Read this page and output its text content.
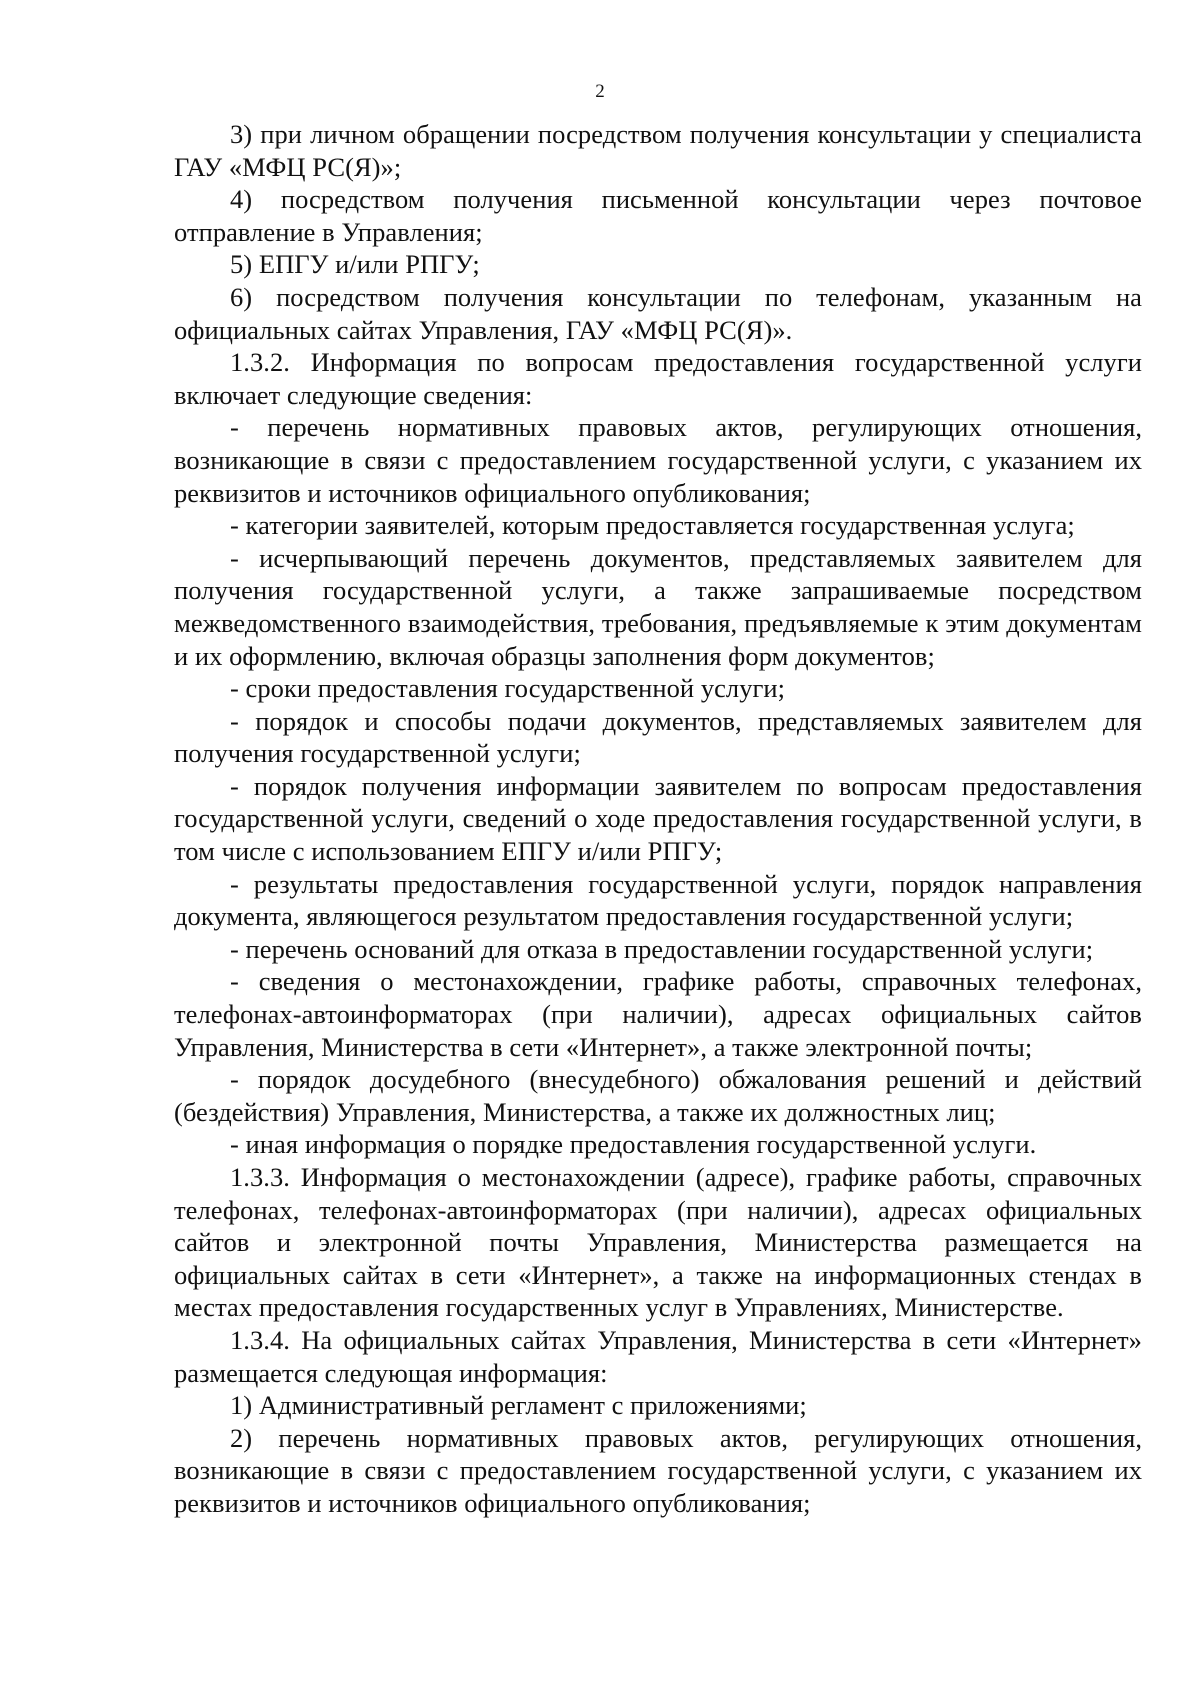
2

3) при личном обращении посредством получения консультации у специалиста ГАУ «МФЦ РС(Я)»;

4) посредством получения письменной консультации через почтовое отправление в Управления;

5) ЕПГУ и/или РПГУ;

6) посредством получения консультации по телефонам, указанным на официальных сайтах Управления, ГАУ «МФЦ РС(Я)».

1.3.2. Информация по вопросам предоставления государственной услуги включает следующие сведения:

- перечень нормативных правовых актов, регулирующих отношения, возникающие в связи с предоставлением государственной услуги, с указанием их реквизитов и источников официального опубликования;

- категории заявителей, которым предоставляется государственная услуга;

- исчерпывающий перечень документов, представляемых заявителем для получения государственной услуги, а также запрашиваемые посредством межведомственного взаимодействия, требования, предъявляемые к этим документам и их оформлению, включая образцы заполнения форм документов;

- сроки предоставления государственной услуги;

- порядок и способы подачи документов, представляемых заявителем для получения государственной услуги;

- порядок получения информации заявителем по вопросам предоставления государственной услуги, сведений о ходе предоставления государственной услуги, в том числе с использованием ЕПГУ и/или РПГУ;

- результаты предоставления государственной услуги, порядок направления документа, являющегося результатом предоставления государственной услуги;

- перечень оснований для отказа в предоставлении государственной услуги;

- сведения о местонахождении, графике работы, справочных телефонах, телефонах-автоинформаторах (при наличии), адресах официальных сайтов Управления, Министерства в сети «Интернет», а также электронной почты;

- порядок досудебного (внесудебного) обжалования решений и действий (бездействия) Управления, Министерства, а также их должностных лиц;

- иная информация о порядке предоставления государственной услуги.

1.3.3. Информация о местонахождении (адресе), графике работы, справочных телефонах, телефонах-автоинформаторах (при наличии), адресах официальных сайтов и электронной почты Управления, Министерства размещается на официальных сайтах в сети «Интернет», а также на информационных стендах в местах предоставления государственных услуг в Управлениях, Министерстве.

1.3.4. На официальных сайтах Управления, Министерства в сети «Интернет» размещается следующая информация:

1) Административный регламент с приложениями;

2) перечень нормативных правовых актов, регулирующих отношения, возникающие в связи с предоставлением государственной услуги, с указанием их реквизитов и источников официального опубликования;
